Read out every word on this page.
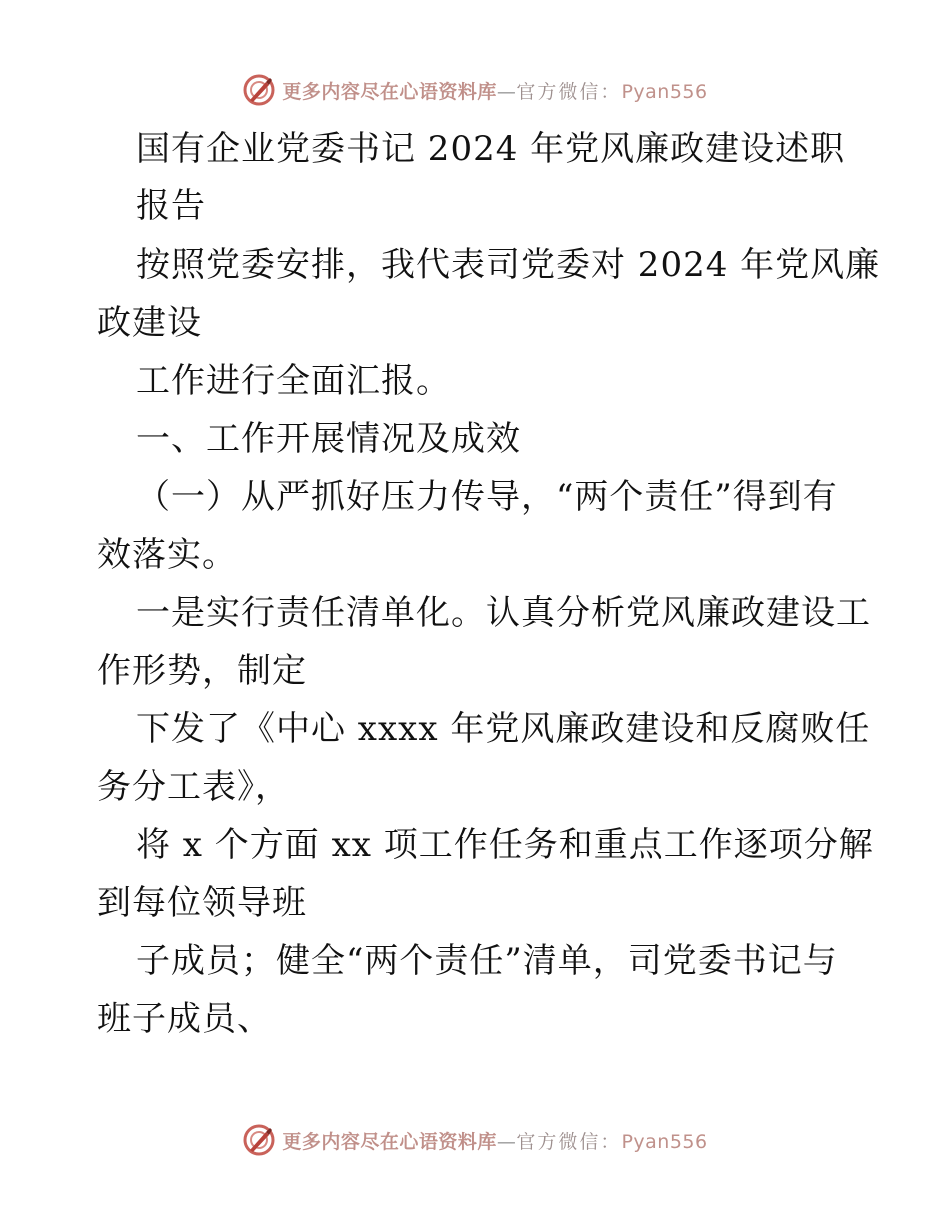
更多内容尽在心语资料库—官方微信：Pyan556
国有企业党委书记 2024 年党风廉政建设述职
报告
按照党委安排，我代表司党委对 2024 年党风廉
政建设
工作进行全面汇报。
一、工作开展情况及成效
（一）从严抓好压力传导，“两个责任”得到有
效落实。
一是实行责任清单化。认真分析党风廉政建设工
作形势，制定
下发了《中心 xxxx 年党风廉政建设和反腐败任
务分工表》，
将 x 个方面 xx 项工作任务和重点工作逐项分解
到每位领导班
子成员；健全“两个责任”清单，司党委书记与
班子成员、
更多内容尽在心语资料库—官方微信：Pyan556
